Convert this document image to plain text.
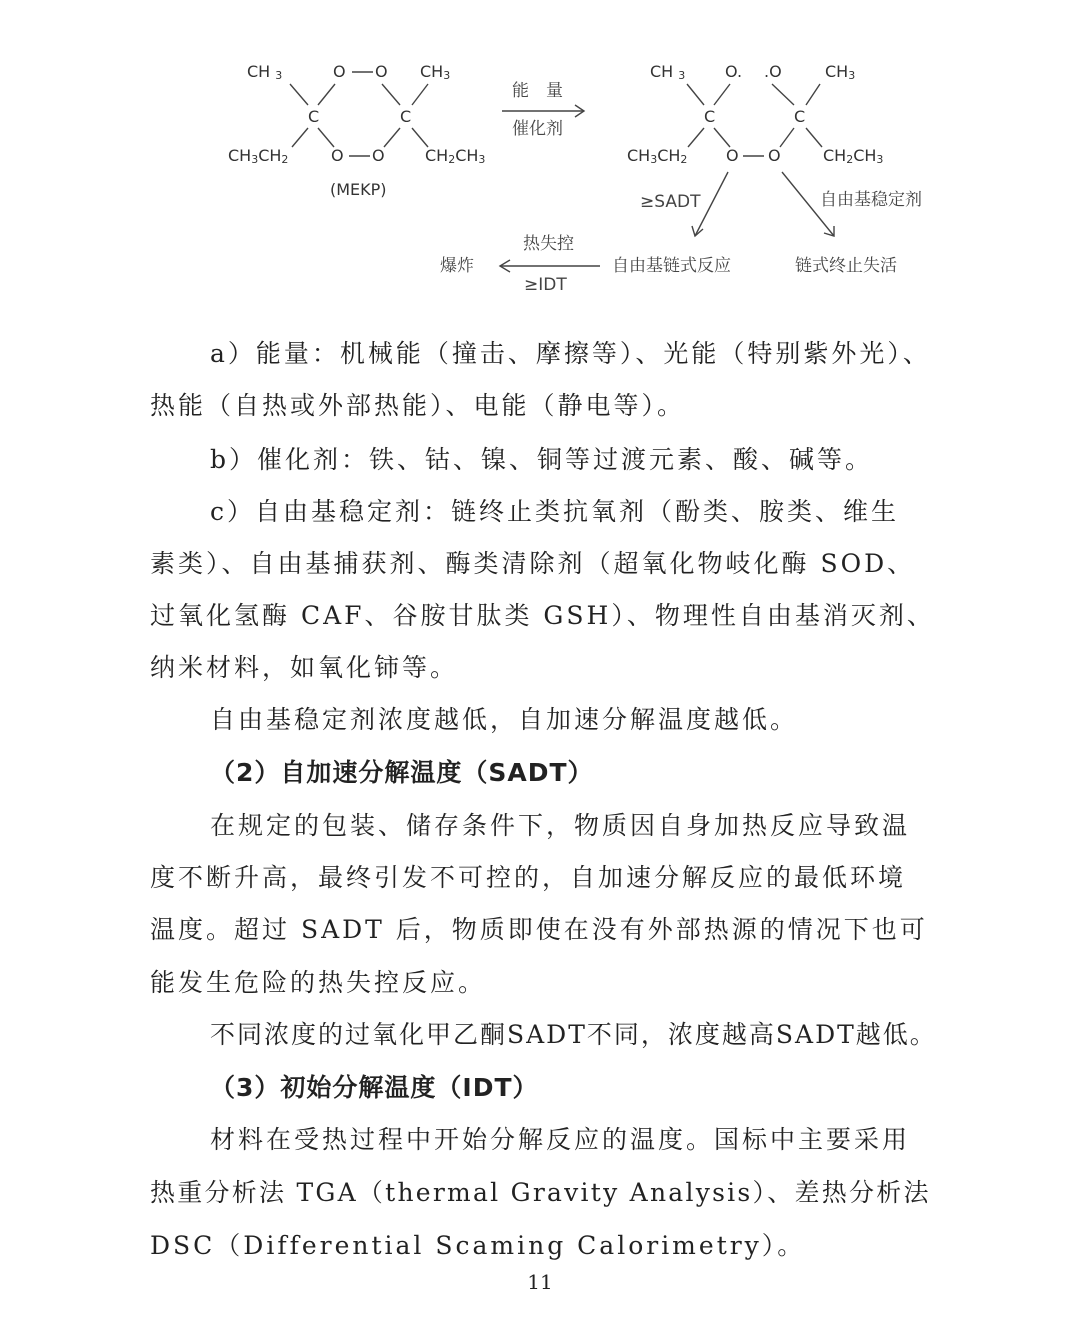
CH $_3$	O O $CH_3$
C	C
$CH_3CH_2$	O O	$CH_2CH_3$
(MEKP)
能　量
催化剂
CH $_3$ O. .O	$CH_3$
C	C
$CH_3CH_2$ O O	$CH_2CH_3$
≥SADT	自由基稳定剂
热失控
≥IDT
爆炸	自由基链式反应	链式终止失活
a）能量：机械能（撞击、摩擦等）、光能（特别紫外光）、
热能（自热或外部热能）、电能（静电等）。
b）催化剂：铁、钴、镍、铜等过渡元素、酸、碱等。
c）自由基稳定剂：链终止类抗氧剂（酚类、胺类、维生
素类）、自由基捕获剂、酶类清除剂（超氧化物岐化酶 SOD、
过氧化氢酶 CAF、谷胺甘肽类 GSH）、物理性自由基消灭剂、
纳米材料，如氧化铈等。
自由基稳定剂浓度越低，自加速分解温度越低。
（2）自加速分解温度（SADT）
在规定的包装、储存条件下，物质因自身加热反应导致温
度不断升高，最终引发不可控的，自加速分解反应的最低环境
温度。超过 SADT 后，物质即使在没有外部热源的情况下也可
能发生危险的热失控反应。
不同浓度的过氧化甲乙酮SADT不同，浓度越高SADT越低。
（3）初始分解温度（IDT）
材料在受热过程中开始分解反应的温度。国标中主要采用
热重分析法 TGA（thermal Gravity Analysis）、差热分析法
DSC（Differential Scaming Calorimetry）。
11
